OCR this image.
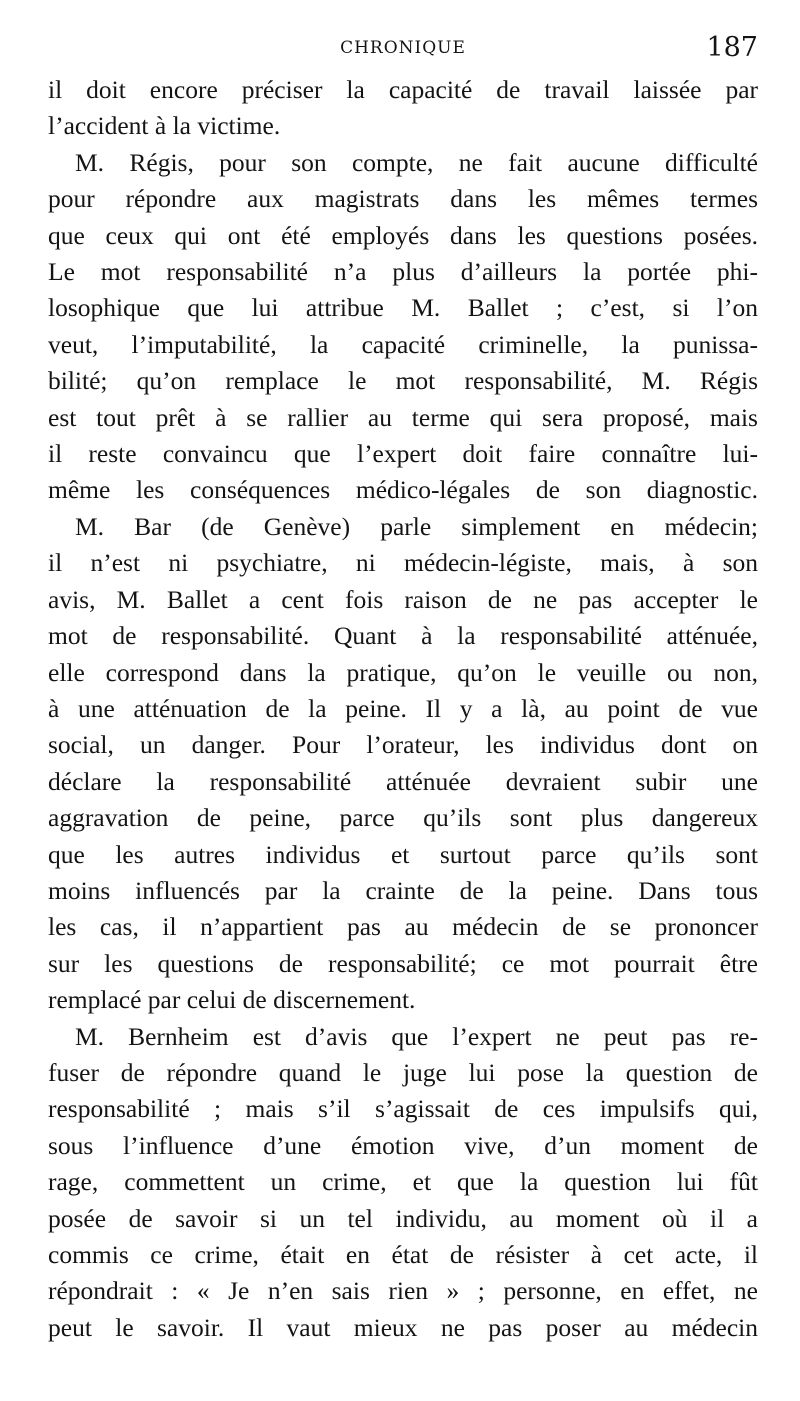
CHRONIQUE	187
il doit encore préciser la capacité de travail laissée par
l’accident à la victime.
M. Régis, pour son compte, ne fait aucune difficulté
pour répondre aux magistrats dans les mêmes termes
que ceux qui ont été employés dans les questions posées.
Le mot responsabilité n’a plus d’ailleurs la portée phi-
losophique que lui attribue M. Ballet ; c’est, si l’on
veut, l’imputabilité, la capacité criminelle, la punissa-
bilité; qu’on remplace le mot responsabilité, M. Régis
est tout prêt à se rallier au terme qui sera proposé, mais
il reste convaincu que l’expert doit faire connaître lui-
même les conséquences médico-légales de son diagnostic.
M. Bar (de Genève) parle simplement en médecin;
il n’est ni psychiatre, ni médecin-légiste, mais, à son
avis, M. Ballet a cent fois raison de ne pas accepter le
mot de responsabilité. Quant à la responsabilité atténuée,
elle correspond dans la pratique, qu’on le veuille ou non,
à une atténuation de la peine. Il y a là, au point de vue
social, un danger. Pour l’orateur, les individus dont on
déclare la responsabilité atténuée devraient subir une
aggravation de peine, parce qu’ils sont plus dangereux
que les autres individus et surtout parce qu’ils sont
moins influencés par la crainte de la peine. Dans tous
les cas, il n’appartient pas au médecin de se prononcer
sur les questions de responsabilité; ce mot pourrait être
remplacé par celui de discernement.
M. Bernheim est d’avis que l’expert ne peut pas re-
fuser de répondre quand le juge lui pose la question de
responsabilité ; mais s’il s’agissait de ces impulsifs qui,
sous l’influence d’une émotion vive, d’un moment de
rage, commettent un crime, et que la question lui fût
posée de savoir si un tel individu, au moment où il a
commis ce crime, était en état de résister à cet acte, il
répondrait : « Je n’en sais rien » ; personne, en effet, ne
peut le savoir. Il vaut mieux ne pas poser au médecin
